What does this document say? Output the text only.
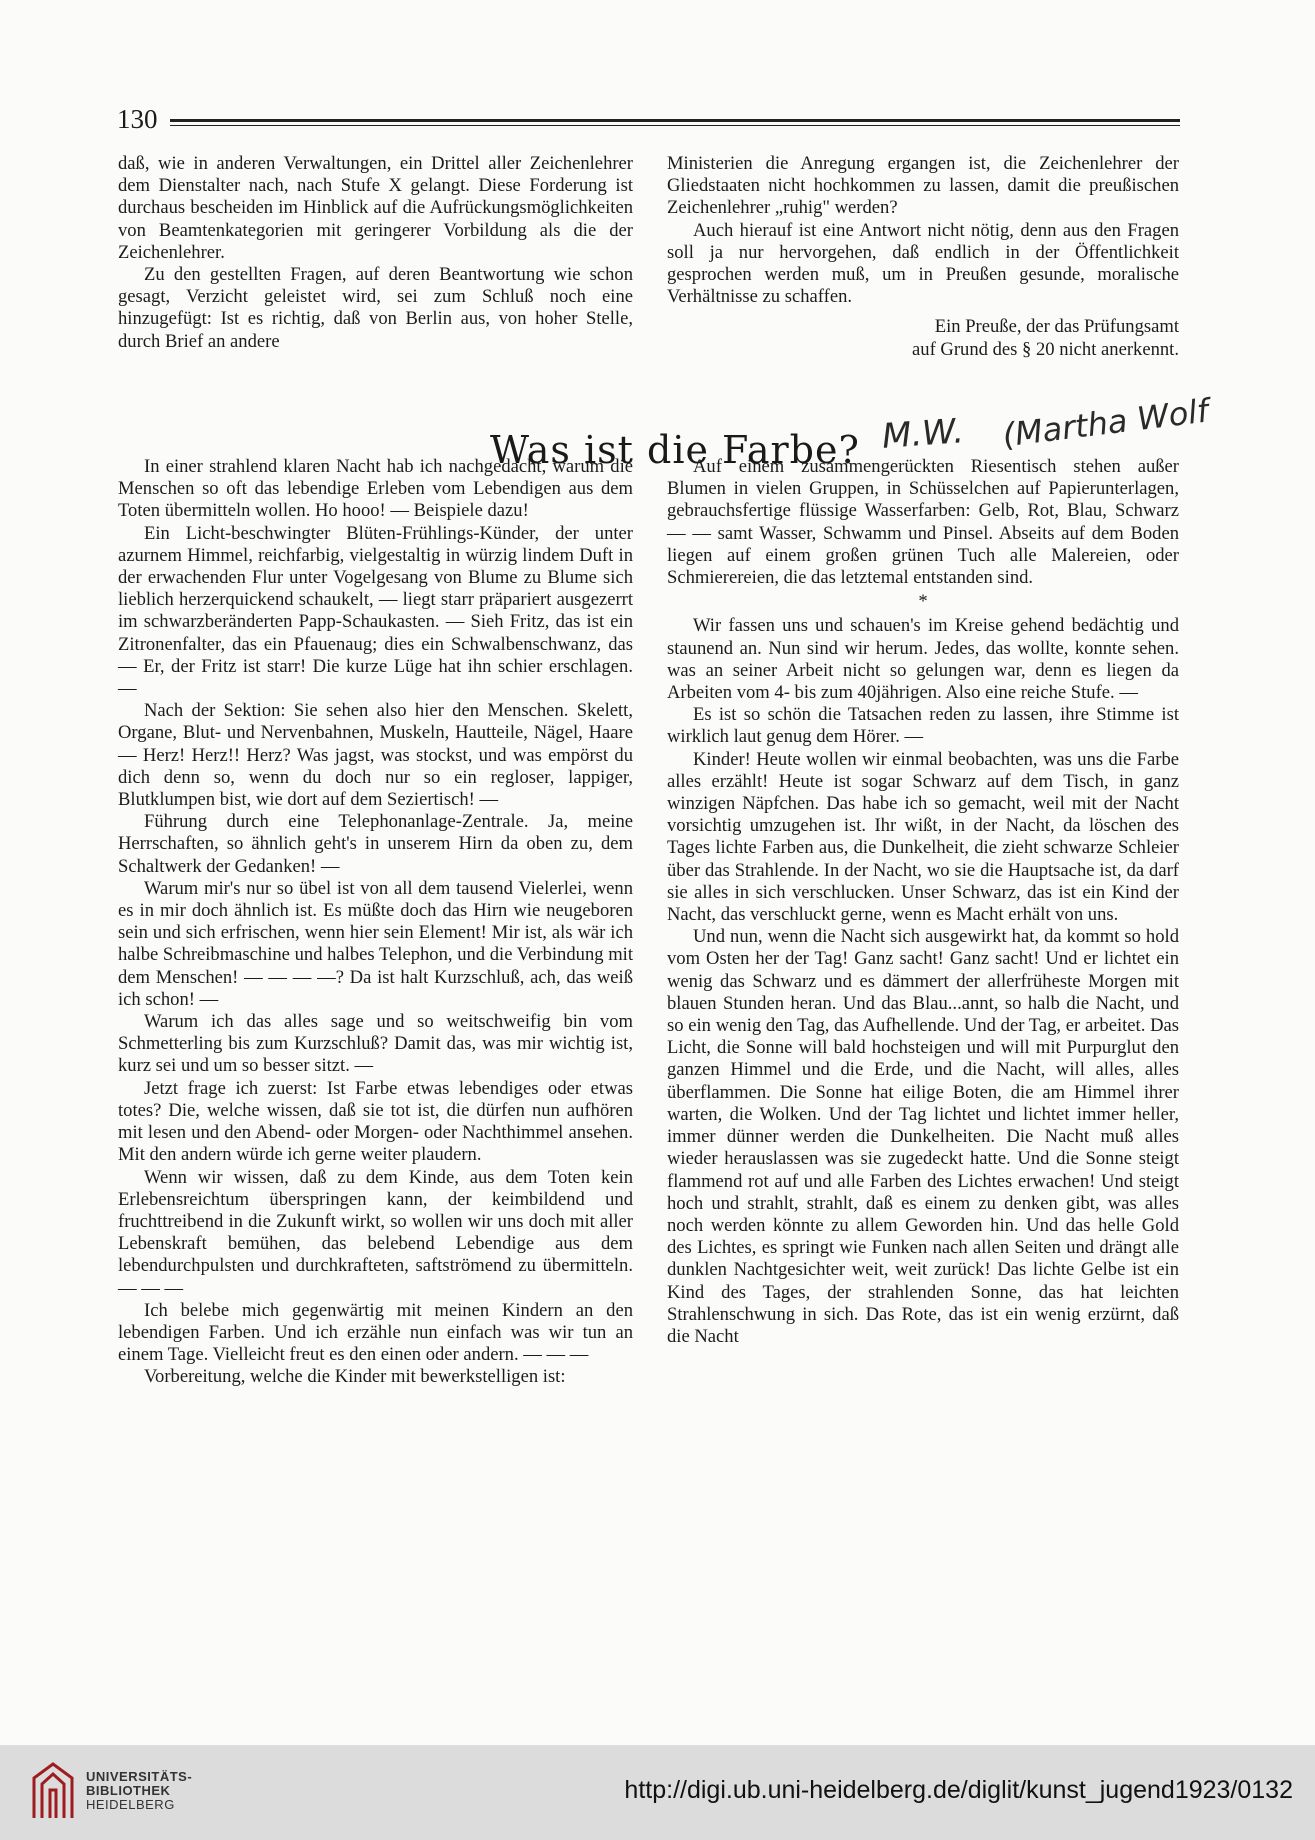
130

daß, wie in anderen Verwaltungen, ein Drittel aller Zeichenlehrer dem Dienstalter nach, nach Stufe X gelangt. Diese Forderung ist durchaus bescheiden im Hinblick auf die Aufrückungsmöglichkeiten von Beamtenkategorien mit geringerer Vorbildung als die der Zeichenlehrer.

Zu den gestellten Fragen, auf deren Beantwortung wie schon gesagt, Verzicht geleistet wird, sei zum Schluß noch eine hinzugefügt: Ist es richtig, daß von Berlin aus, von hoher Stelle, durch Brief an andere

Ministerien die Anregung ergangen ist, die Zeichenlehrer der Gliedstaaten nicht hochkommen zu lassen, damit die preußischen Zeichenlehrer „ruhig" werden?

Auch hierauf ist eine Antwort nicht nötig, denn aus den Fragen soll ja nur hervorgehen, daß endlich in der Öffentlichkeit gesprochen werden muß, um in Preußen gesunde, moralische Verhältnisse zu schaffen.

Ein Preuße, der das Prüfungsamt

auf Grund des § 20 nicht anerkennt.

Was ist die Farbe? M.W. (Martha Wolf

In einer strahlend klaren Nacht hab ich nachgedacht, warum die Menschen so oft das lebendige Erleben vom Lebendigen aus dem Toten übermitteln wollen. Ho hooo! — Beispiele dazu!

Ein Licht-beschwingter Blüten-Frühlings-Künder, der unter azurnem Himmel, reichfarbig, vielgestaltig in würzig lindem Duft in der erwachenden Flur unter Vogelgesang von Blume zu Blume sich lieblich herzerquickend schaukelt, — liegt starr präpariert ausgezerrt im schwarzberänderten Papp-Schaukasten. — Sieh Fritz, das ist ein Zitronenfalter, das ein Pfauenaug; dies ein Schwalbenschwanz, das — Er, der Fritz ist starr! Die kurze Lüge hat ihn schier erschlagen. —

Nach der Sektion: Sie sehen also hier den Menschen. Skelett, Organe, Blut- und Nervenbahnen, Muskeln, Hautteile, Nägel, Haare — Herz! Herz!! Herz? Was jagst, was stockst, und was empörst du dich denn so, wenn du doch nur so ein regloser, lappiger, Blutklumpen bist, wie dort auf dem Seziertisch! —

Führung durch eine Telephonanlage-Zentrale. Ja, meine Herrschaften, so ähnlich geht's in unserem Hirn da oben zu, dem Schaltwerk der Gedanken! —

Warum mir's nur so übel ist von all dem tausend Vielerlei, wenn es in mir doch ähnlich ist. Es müßte doch das Hirn wie neugeboren sein und sich erfrischen, wenn hier sein Element! Mir ist, als wär ich halbe Schreibmaschine und halbes Telephon, und die Verbindung mit dem Menschen! — — — —? Da ist halt Kurzschluß, ach, das weiß ich schon! —

Warum ich das alles sage und so weitschweifig bin vom Schmetterling bis zum Kurzschluß? Damit das, was mir wichtig ist, kurz sei und um so besser sitzt. —

Jetzt frage ich zuerst: Ist Farbe etwas lebendiges oder etwas totes? Die, welche wissen, daß sie tot ist, die dürfen nun aufhören mit lesen und den Abend- oder Morgen- oder Nachthimmel ansehen. Mit den andern würde ich gerne weiter plaudern.

Wenn wir wissen, daß zu dem Kinde, aus dem Toten kein Erlebensreichtum überspringen kann, der keimbildend und fruchttreibend in die Zukunft wirkt, so wollen wir uns doch mit aller Lebenskraft bemühen, das belebend Lebendige aus dem lebendurchpulsten und durchkrafteten, saftströmend zu übermitteln. — — —

Ich belebe mich gegenwärtig mit meinen Kindern an den lebendigen Farben. Und ich erzähle nun einfach was wir tun an einem Tage. Vielleicht freut es den einen oder andern. — — —

Vorbereitung, welche die Kinder mit bewerkstelligen ist:

Auf einem zusammengerückten Riesentisch stehen außer Blumen in vielen Gruppen, in Schüsselchen auf Papierunterlagen, gebrauchsfertige flüssige Wasserfarben: Gelb, Rot, Blau, Schwarz — — samt Wasser, Schwamm und Pinsel. Abseits auf dem Boden liegen auf einem großen grünen Tuch alle Malereien, oder Schmierereien, die das letztemal entstanden sind.

*

Wir fassen uns und schauen's im Kreise gehend bedächtig und staunend an. Nun sind wir herum. Jedes, das wollte, konnte sehen. was an seiner Arbeit nicht so gelungen war, denn es liegen da Arbeiten vom 4- bis zum 40jährigen. Also eine reiche Stufe. —

Es ist so schön die Tatsachen reden zu lassen, ihre Stimme ist wirklich laut genug dem Hörer. —

Kinder! Heute wollen wir einmal beobachten, was uns die Farbe alles erzählt! Heute ist sogar Schwarz auf dem Tisch, in ganz winzigen Näpfchen. Das habe ich so gemacht, weil mit der Nacht vorsichtig umzugehen ist. Ihr wißt, in der Nacht, da löschen des Tages lichte Farben aus, die Dunkelheit, die zieht schwarze Schleier über das Strahlende. In der Nacht, wo sie die Hauptsache ist, da darf sie alles in sich verschlucken. Unser Schwarz, das ist ein Kind der Nacht, das verschluckt gerne, wenn es Macht erhält von uns.

Und nun, wenn die Nacht sich ausgewirkt hat, da kommt so hold vom Osten her der Tag! Ganz sacht! Ganz sacht! Und er lichtet ein wenig das Schwarz und es dämmert der allerfrüheste Morgen mit blauen Stunden heran. Und das Blau...annt, so halb die Nacht, und so ein wenig den Tag, das Aufhellende. Und der Tag, er arbeitet. Das Licht, die Sonne will bald hochsteigen und will mit Purpurglut den ganzen Himmel und die Erde, und die Nacht, will alles, alles überflammen. Die Sonne hat eilige Boten, die am Himmel ihrer warten, die Wolken. Und der Tag lichtet und lichtet immer heller, immer dünner werden die Dunkelheiten. Die Nacht muß alles wieder herauslassen was sie zugedeckt hatte. Und die Sonne steigt flammend rot auf und alle Farben des Lichtes erwachen! Und steigt hoch und strahlt, strahlt, daß es einem zu denken gibt, was alles noch werden könnte zu allem Geworden hin. Und das helle Gold des Lichtes, es springt wie Funken nach allen Seiten und drängt alle dunklen Nachtgesichter weit, weit zurück! Das lichte Gelbe ist ein Kind des Tages, der strahlenden Sonne, das hat leichten Strahlenschwung in sich. Das Rote, das ist ein wenig erzürnt, daß die Nacht

UNIVERSITÄTS-
BIBLIOTHEK
HEIDELBERG
http://digi.ub.uni-heidelberg.de/diglit/kunst_jugend1923/0132
